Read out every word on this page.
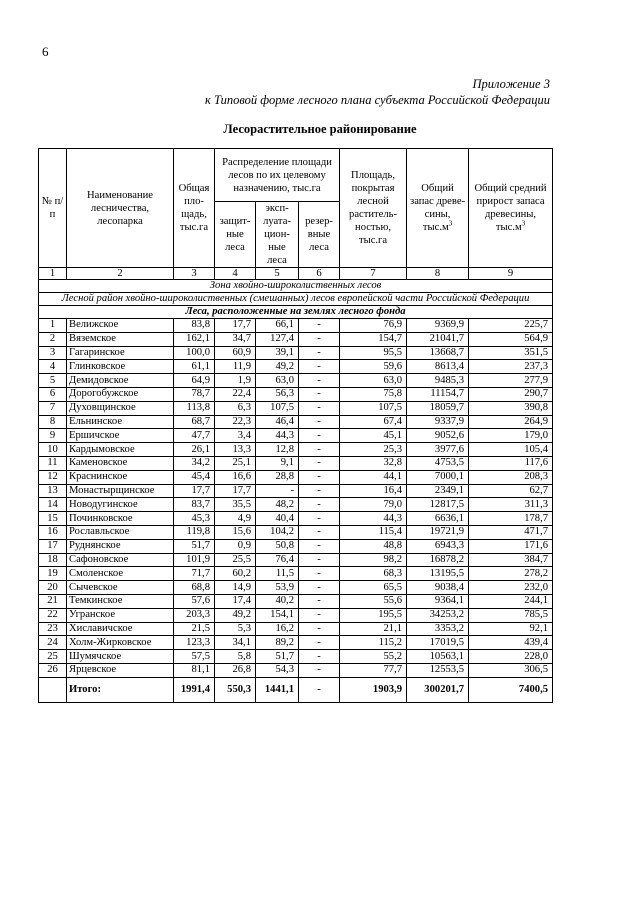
6
Приложение 3
к Типовой форме лесного плана субъекта Российской Федерации
Лесорастительное районирование
№ п/п	Наименование лесничества, лесопарка	Общая пло-щадь, тыс.га	Распределение площади лесов по их целевому назначению, тыс.га			Площадь, покрытая лесной раститель-ностью, тыс.га	Общий запас древе-сины, $тыс.м^3$	Общий средний прирост запаса древесины, $тыс.м^3$
			защит-ные леса	эксп-луата-цион-ные леса	резер-вные леса			
1	2	3	4	5	6	7	8	9
Зона хвойно-широколиственных лесов								
Лесной район хвойно-широколиственных (смешанных) лесов европейской части Российской Федерации								
Леса, расположенные на землях лесного фонда								
1	Велижское	83,8	17,7	66,1	-	76,9	9369,9	225,7
2	Вяземское	162,1	34,7	127,4	-	154,7	21041,7	564,9
3	Гагаринское	100,0	60,9	39,1	-	95,5	13668,7	351,5
4	Глинковское	61,1	11,9	49,2	-	59,6	8613,4	237,3
5	Демидовское	64,9	1,9	63,0	-	63,0	9485,3	277,9
6	Дорогобужское	78,7	22,4	56,3	-	75,8	11154,7	290,7
7	Духовщинское	113,8	6,3	107,5	-	107,5	18059,7	390,8
8	Ельнинское	68,7	22,3	46,4	-	67,4	9337,9	264,9
9	Ершичское	47,7	3,4	44,3	-	45,1	9052,6	179,0
10	Кардымовское	26,1	13,3	12,8	-	25,3	3977,6	105,4
11	Каменовское	34,2	25,1	9,1	-	32,8	4753,5	117,6
12	Краснинское	45,4	16,6	28,8	-	44,1	7000,1	208,3
13	Монастырщинское	17,7	17,7	-	-	16,4	2349,1	62,7
14	Новодугинское	83,7	35,5	48,2	-	79,0	12817,5	311,3
15	Починковское	45,3	4,9	40,4	-	44,3	6636,1	178,7
16	Рославльское	119,8	15,6	104,2	-	115,4	19721,9	471,7
17	Руднянское	51,7	0,9	50,8	-	48,8	6943,3	171,6
18	Сафоновское	101,9	25,5	76,4	-	98,2	16878,2	384,7
19	Смоленское	71,7	60,2	11,5	-	68,3	13195,5	278,2
20	Сычевское	68,8	14,9	53,9	-	65,5	9038,4	232,0
21	Темкинское	57,6	17,4	40,2	-	55,6	9364,1	244,1
22	Угранское	203,3	49,2	154,1	-	195,5	34253,2	785,5
23	Хиславичское	21,5	5,3	16,2	-	21,1	3353,2	92,1
24	Холм-Жирковское	123,3	34,1	89,2	-	115,2	17019,5	439,4
25	Шумячское	57,5	5,8	51,7	-	55,2	10563,1	228,0
26	Ярцевское	81,1	26,8	54,3	-	77,7	12553,5	306,5
	Итого:	1991,4	550,3	1441,1	-	1903,9	300201,7	7400,5
